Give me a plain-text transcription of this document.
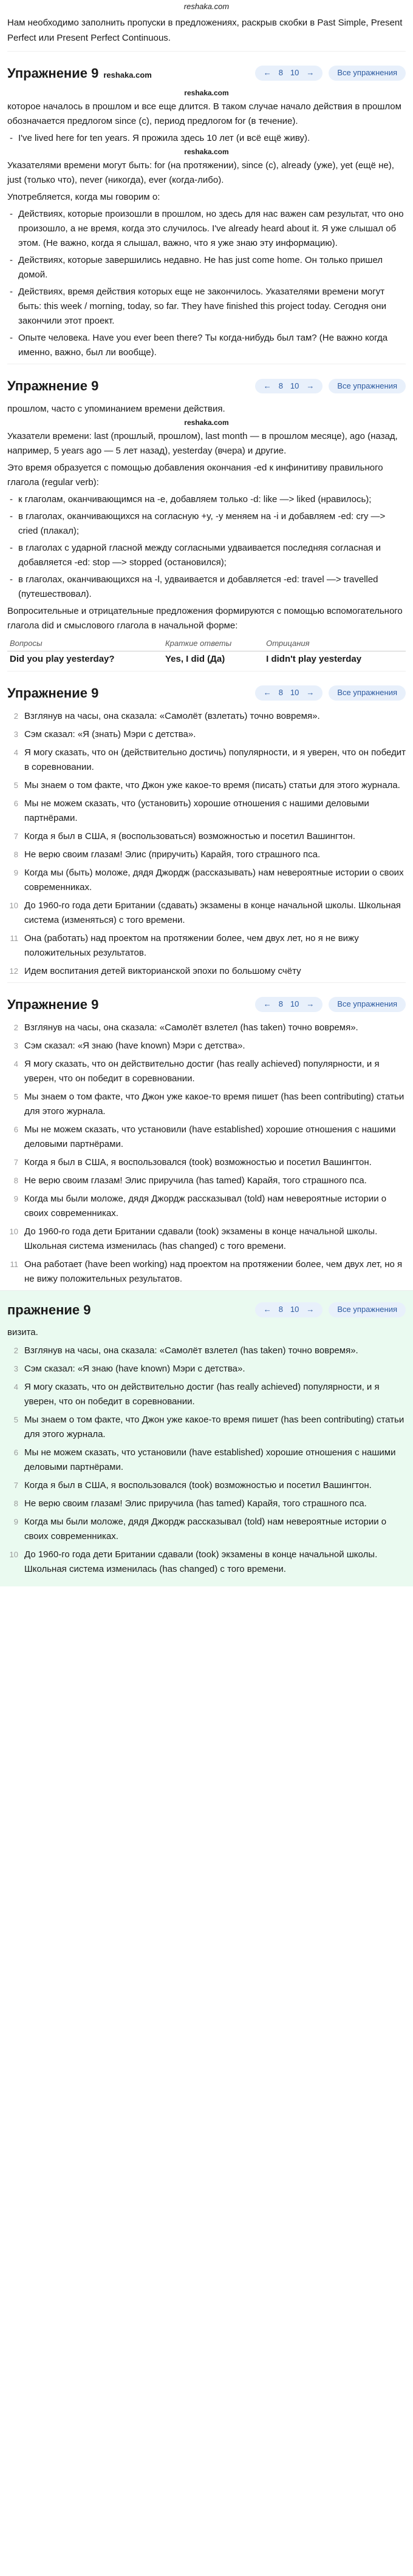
reshaka.com

Нам необходимо заполнить пропуски в предложениях, раскрыв скобки в Past Simple, Present Perfect или Present Perfect Continuous.

Упражнение 9 reshaka.com	← 8 10 →	Все упражнения
reshaka.com

которое началось в прошлом и все еще длится. В таком случае начало действия в прошлом обозначается предлогом since (с), период предлогом for (в течение).

- I've lived here for ten years. Я прожила здесь 10 лет (и всё ещё живу).
reshaka.com

Указателями времени могут быть: for (на протяжении), since (с), already (уже), yet (ещё не), just (только что), never (никогда), ever (когда-либо).

Употребляется, когда мы говорим о:

- Действиях, которые произошли в прошлом, но здесь для нас важен сам результат, что оно произошло, а не время, когда это случилось. I've already heard about it. Я уже слышал об этом. (Не важно, когда я слышал, важно, что я уже знаю эту информацию).
- Действиях, которые завершились недавно. He has just come home. Он только пришел домой.
- Действиях, время действия которых еще не закончилось. Указателями времени могут быть: this week / morning, today, so far. They have finished this project today. Сегодня они закончили этот проект.
- Опыте человека. Have you ever been there? Ты когда-нибудь был там? (Не важно когда именно, важно, был ли вообще).
Упражнение 9	← 8 10 →	Все упражнения

прошлом, часто с упоминанием времени действия.

reshaka.com

Указатели времени: last (прошлый, прошлом), last month — в прошлом месяце), ago (назад, например, 5 years ago — 5 лет назад), yesterday (вчера) и другие.

Это время образуется с помощью добавления окончания -ed к инфинитиву правильного глагола (regular verb):

- к глаголам, оканчивающимся на -e, добавляем только -d: like —> liked (нравилось);
- в глаголах, оканчивающихся на согласную +y, -y меняем на -i и добавляем -ed: cry —> cried (плакал);
- в глаголах с ударной гласной между согласными удваивается последняя согласная и добавляется -ed: stop —> stopped (остановился);
- в глаголах, оканчивающихся на -l, удваивается и добавляется -ed: travel —> travelled (путешествовал).

Вопросительные и отрицательные предложения формируются с помощью вспомогательного глагола did и смыслового глагола в начальной форме:

Вопросы	Краткие ответы	Отрицания
Did you play yesterday?	Yes, I did (Да)	I didn't play yesterday
Упражнение 9	← 8 10 →	Все упражнения
2 Взглянув на часы, она сказала: «Самолёт (взлетать) точно вовремя».
3 Сэм сказал: «Я (знать) Мэри с детства».
4 Я могу сказать, что он (действительно достичь) популярности, и я уверен, что он победит в соревновании.
5 Мы знаем о том факте, что Джон уже какое-то время (писать) статьи для этого журнала.
6 Мы не можем сказать, что (установить) хорошие отношения с нашими деловыми партнёрами.
7 Когда я был в США, я (воспользоваться) возможностью и посетил Вашингтон.
8 Не верю своим глазам! Элис (приручить) Карайя, того страшного пса.
9 Когда мы (быть) моложе, дядя Джордж (рассказывать) нам невероятные истории о своих современниках.
10 До 1960-го года дети Британии (сдавать) экзамены в конце начальной школы. Школьная система (изменяться) с того времени.
11 Она (работать) над проектом на протяжении более, чем двух лет, но я не вижу положительных результатов.
12 Идем воспитания детей викторианской эпохи по большому счёту
Упражнение 9	← 8 10 →	Все упражнения
2 Взглянув на часы, она сказала: «Самолёт взлетел (has taken) точно вовремя».
3 Сэм сказал: «Я знаю (have known) Мэри с детства».
4 Я могу сказать, что он действительно достиг (has really achieved) популярности, и я уверен, что он победит в соревновании.
5 Мы знаем о том факте, что Джон уже какое-то время пишет (has been contributing) статьи для этого журнала.
6 Мы не можем сказать, что установили (have established) хорошие отношения с нашими деловыми партнёрами.
7 Когда я был в США, я воспользовался (took) возможностью и посетил Вашингтон.
8 Не верю своим глазам! Элис приручила (has tamed) Карайя, того страшного пса.
9 Когда мы были моложе, дядя Джордж рассказывал (told) нам невероятные истории о своих современниках.
10 До 1960-го года дети Британии сдавали (took) экзамены в конце начальной школы. Школьная система изменилась (has changed) с того времени.
11 Она работает (have been working) над проектом на протяжении более, чем двух лет, но я не вижу положительных результатов.
пражнение 9	← 8 10 →	Все упражнения

визита.

2 Взглянув на часы, она сказала: «Самолёт взлетел (has taken) точно вовремя».
3 Сэм сказал: «Я знаю (have known) Мэри с детства».
4 Я могу сказать, что он действительно достиг (has really achieved) популярности, и я уверен, что он победит в соревновании.
5 Мы знаем о том факте, что Джон уже какое-то время пишет (has been contributing) статьи для этого журнала.
6 Мы не можем сказать, что установили (have established) хорошие отношения с нашими деловыми партнёрами.
7 Когда я был в США, я воспользовался (took) возможностью и посетил Вашингтон.
8 Не верю своим глазам! Элис приручила (has tamed) Карайя, того страшного пса.
9 Когда мы были моложе, дядя Джордж рассказывал (told) нам невероятные истории о своих современниках.
10 До 1960-го года дети Британии сдавали (took) экзамены в конце начальной школы. Школьная система изменилась (has changed) с того времени.
